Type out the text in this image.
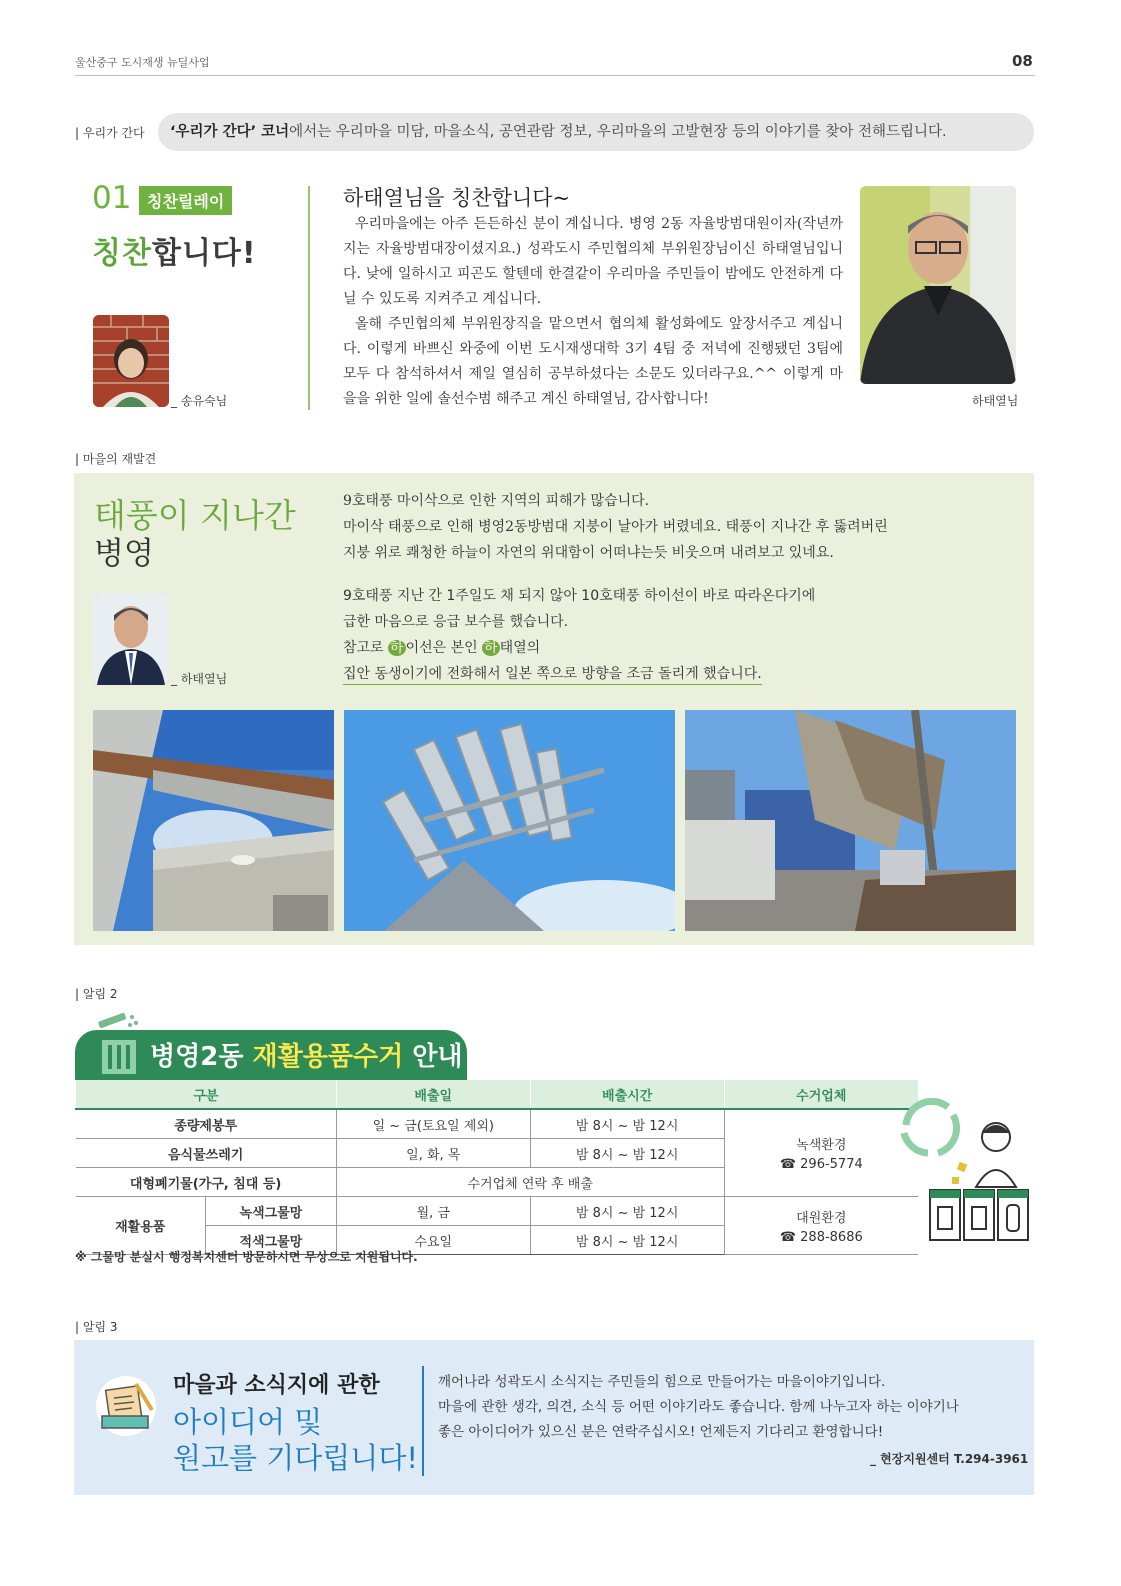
울산중구 도시재생 뉴딜사업	08
| 우리가 간다	‘우리가 간다’ 코너에서는 우리마을 미담, 마을소식, 공연관람 정보, 우리마을의 고발현장 등의 이야기를 찾아 전해드립니다.
01 칭찬릴레이
칭찬합니다!
_ 송유숙님
하태열님을 칭찬합니다~

우리마을에는 아주 든든하신 분이 계십니다. 병영 2동 자율방범대원이자(작년까지는 자율방범대장이셨지요.) 성곽도시 주민협의체 부위원장님이신 하태열님입니다. 낮에 일하시고 피곤도 할텐데 한결같이 우리마을 주민들이 밤에도 안전하게 다닐 수 있도록 지켜주고 계십니다.

올해 주민협의체 부위원장직을 맡으면서 협의체 활성화에도 앞장서주고 계십니다. 이렇게 바쁘신 와중에 이번 도시재생대학 3기 4팀 중 저녁에 진행됐던 3팀에 모두 다 참석하셔서 제일 열심히 공부하셨다는 소문도 있더라구요.^^ 이렇게 마을을 위한 일에 솔선수범 해주고 계신 하태열님, 감사합니다!	하태열님
| 마을의 재발견
태풍이 지나간
병영
_ 하태열님
9호태풍 마이삭으로 인한 지역의 피해가 많습니다.
마이삭 태풍으로 인해 병영2동방범대 지붕이 날아가 버렸네요. 태풍이 지나간 후 뚫려버린
지붕 위로 쾌청한 하늘이 자연의 위대함이 어떠냐는듯 비웃으며 내려보고 있네요.
9호태풍 지난 간 1주일도 채 되지 않아 10호태풍 하이선이 바로 따라온다기에
급한 마음으로 응급 보수를 했습니다.
참고로 하 이선은 본인 하 태열의
집안 동생이기에 전화해서 일본 쪽으로 방향을 조금 돌리게 했습니다.
| 알림 2
병영2동 재활용품수거 안내
구분		배출일	배출시간	수거업체
종량제봉투		일 ~ 금(토요일 제외)	밤 8시 ~ 밤 12시	녹색환경
☎ 296-5774

음식물쓰레기		일, 화, 목	밤 8시 ~ 밤 12시	
대형폐기물(가구, 침대 등)		수거업체 연락 후 배출		
재활용품	녹색그물망	월, 금	밤 8시 ~ 밤 12시	대원환경
☎ 288-8686

	적색그물망	수요일	밤 8시 ~ 밤 12시	
※ 그물망 분실시 행정복지센터 방문하시면 무상으로 지원됩니다.
| 알림 3
마을과 소식지에 관한
아이디어 및
원고를 기다립니다!
깨어나라 성곽도시 소식지는 주민들의 힘으로 만들어가는 마을이야기입니다.
마을에 관한 생각, 의견, 소식 등 어떤 이야기라도 좋습니다. 함께 나누고자 하는 이야기나
좋은 아이디어가 있으신 분은 연락주십시오! 언제든지 기다리고 환영합니다!
_ 현장지원센터 T.294-3961
